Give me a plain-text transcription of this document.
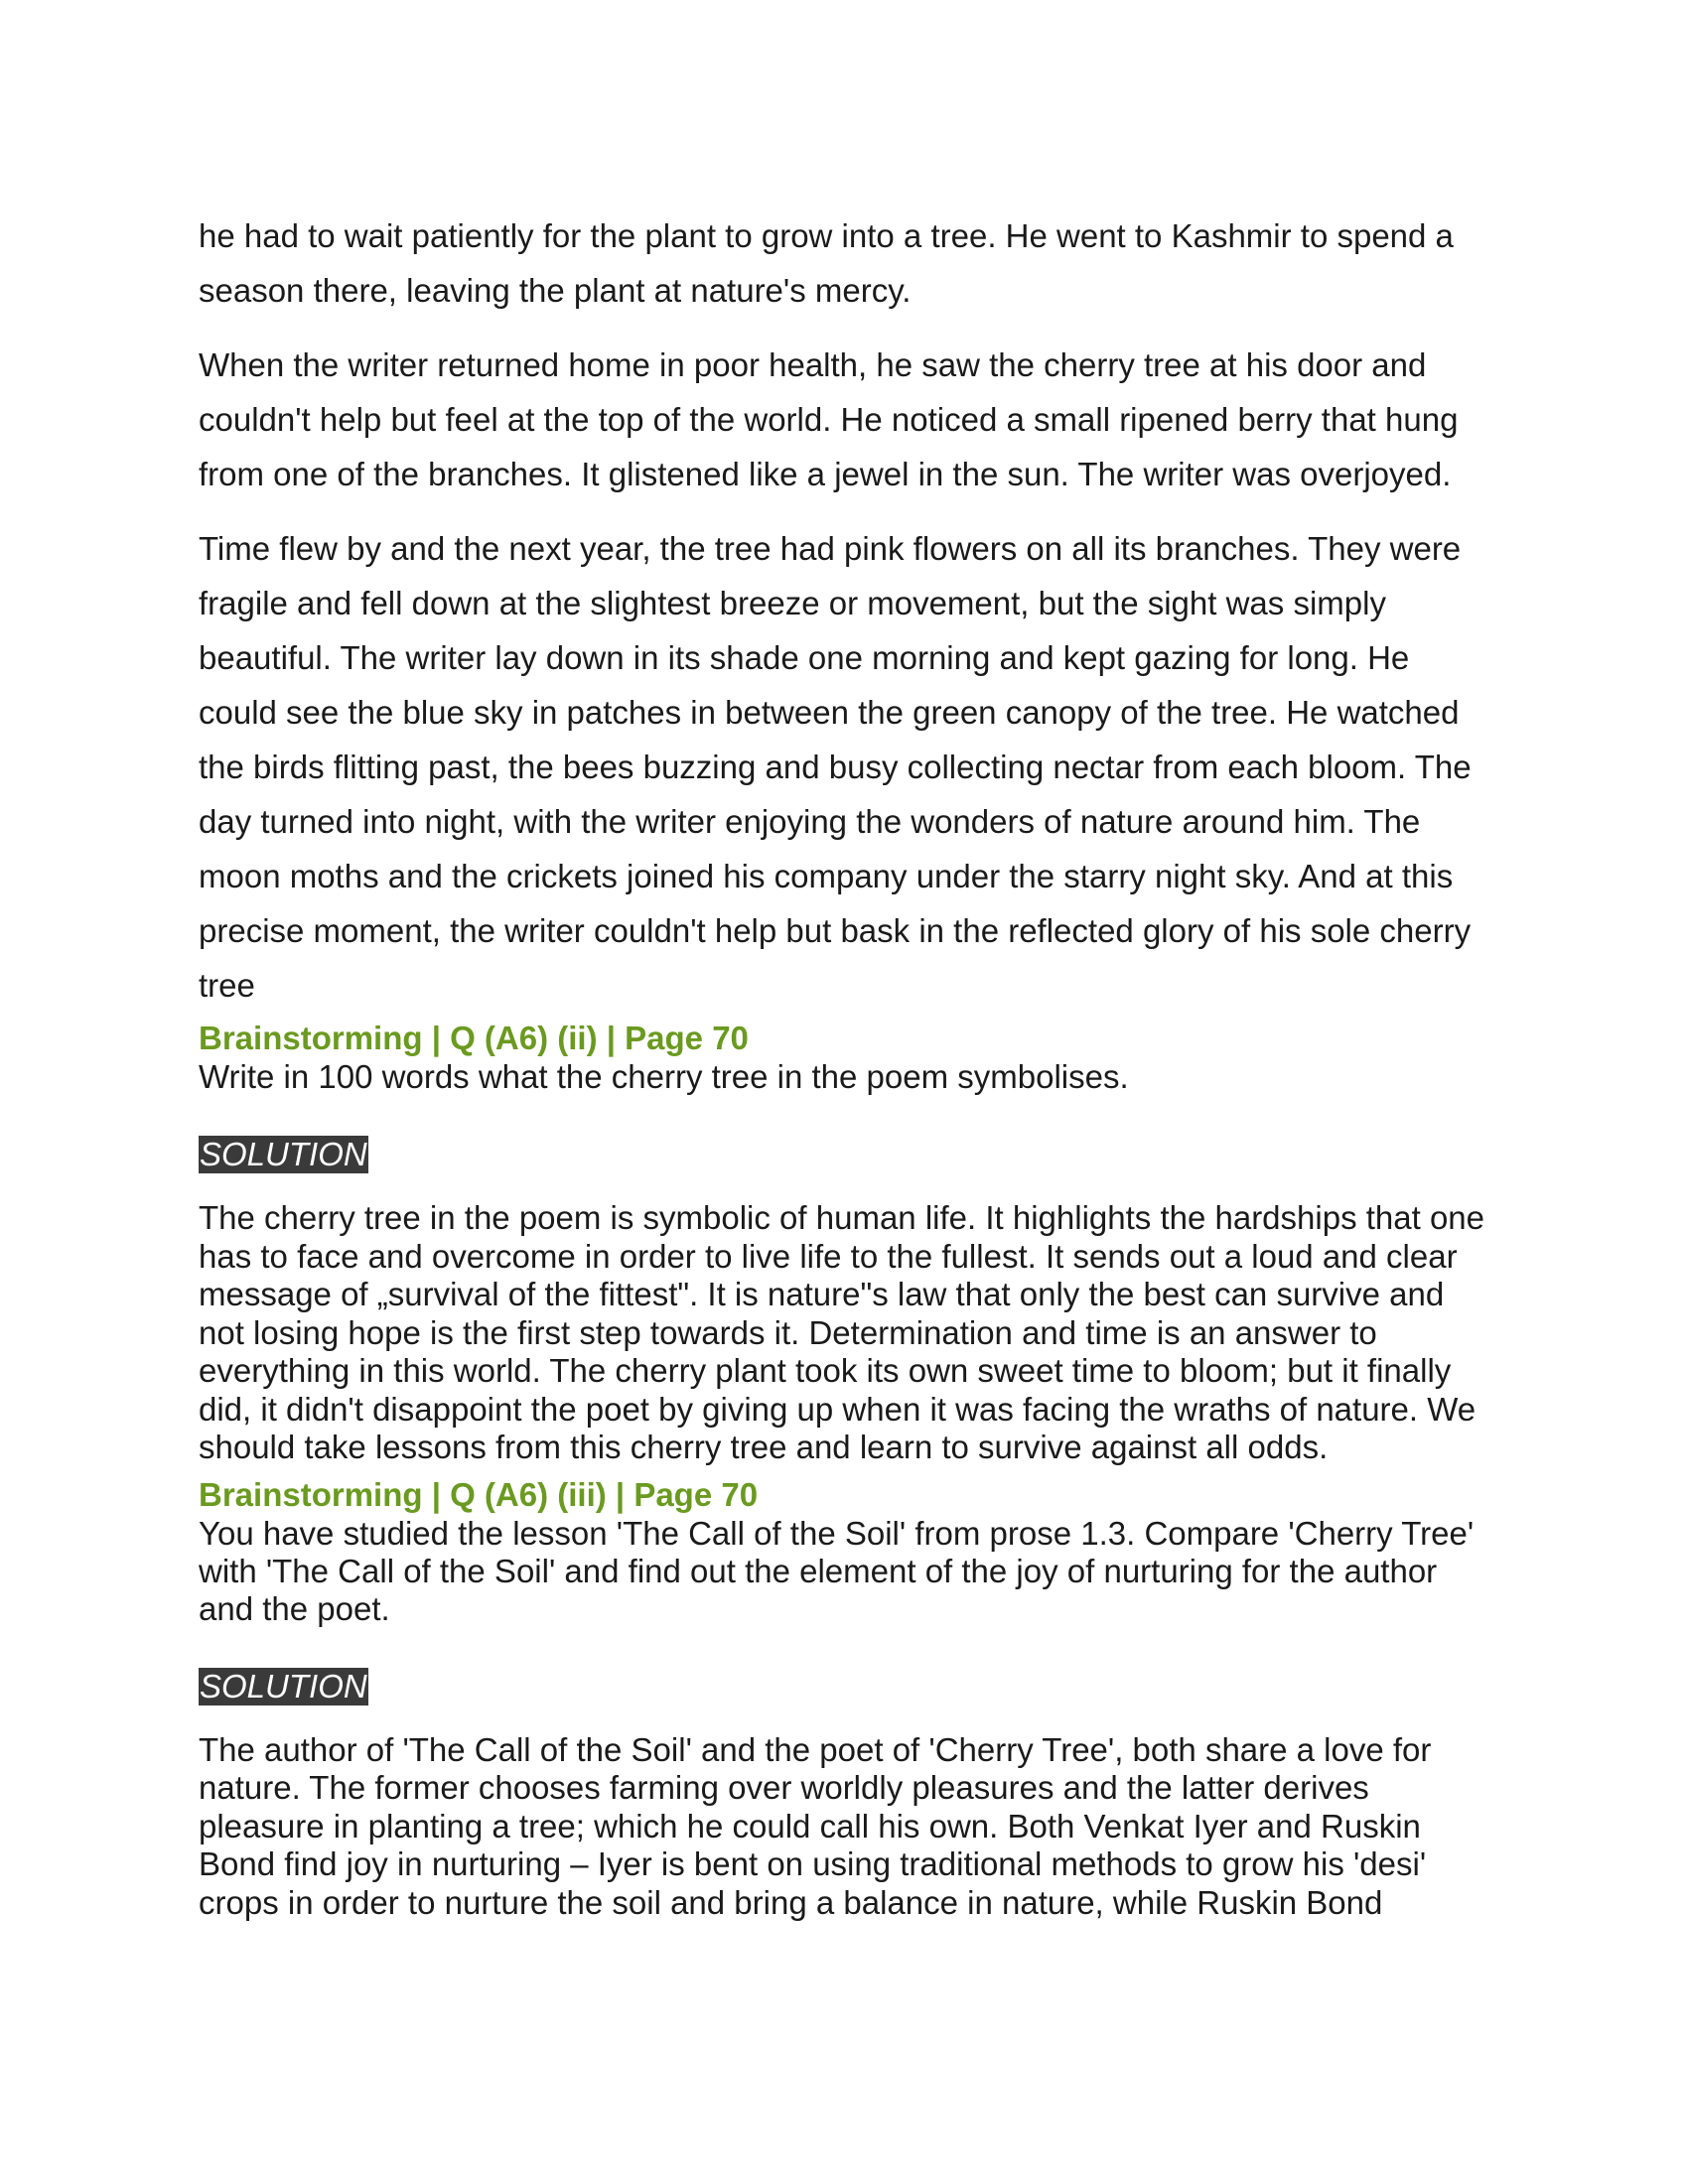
he had to wait patiently for the plant to grow into a tree. He went to Kashmir to spend a season there, leaving the plant at nature's mercy.

When the writer returned home in poor health, he saw the cherry tree at his door and couldn't help but feel at the top of the world. He noticed a small ripened berry that hung from one of the branches. It glistened like a jewel in the sun. The writer was overjoyed.

Time flew by and the next year, the tree had pink flowers on all its branches. They were fragile and fell down at the slightest breeze or movement, but the sight was simply beautiful. The writer lay down in its shade one morning and kept gazing for long. He could see the blue sky in patches in between the green canopy of the tree. He watched the birds flitting past, the bees buzzing and busy collecting nectar from each bloom. The day turned into night, with the writer enjoying the wonders of nature around him. The moon moths and the crickets joined his company under the starry night sky. And at this precise moment, the writer couldn't help but bask in the reflected glory of his sole cherry tree

Brainstorming | Q (A6) (ii) | Page 70

Write in 100 words what the cherry tree in the poem symbolises.

SOLUTION

The cherry tree in the poem is symbolic of human life. It highlights the hardships that one has to face and overcome in order to live life to the fullest. It sends out a loud and clear message of „survival of the fittest". It is nature"s law that only the best can survive and not losing hope is the first step towards it. Determination and time is an answer to everything in this world. The cherry plant took its own sweet time to bloom; but it finally did, it didn't disappoint the poet by giving up when it was facing the wraths of nature. We should take lessons from this cherry tree and learn to survive against all odds.

Brainstorming | Q (A6) (iii) | Page 70

You have studied the lesson 'The Call of the Soil' from prose 1.3. Compare 'Cherry Tree' with 'The Call of the Soil' and find out the element of the joy of nurturing for the author and the poet.

SOLUTION

The author of 'The Call of the Soil' and the poet of 'Cherry Tree', both share a love for nature. The former chooses farming over worldly pleasures and the latter derives pleasure in planting a tree; which he could call his own. Both Venkat Iyer and Ruskin Bond find joy in nurturing – Iyer is bent on using traditional methods to grow his 'desi' crops in order to nurture the soil and bring a balance in nature, while Ruskin Bond
